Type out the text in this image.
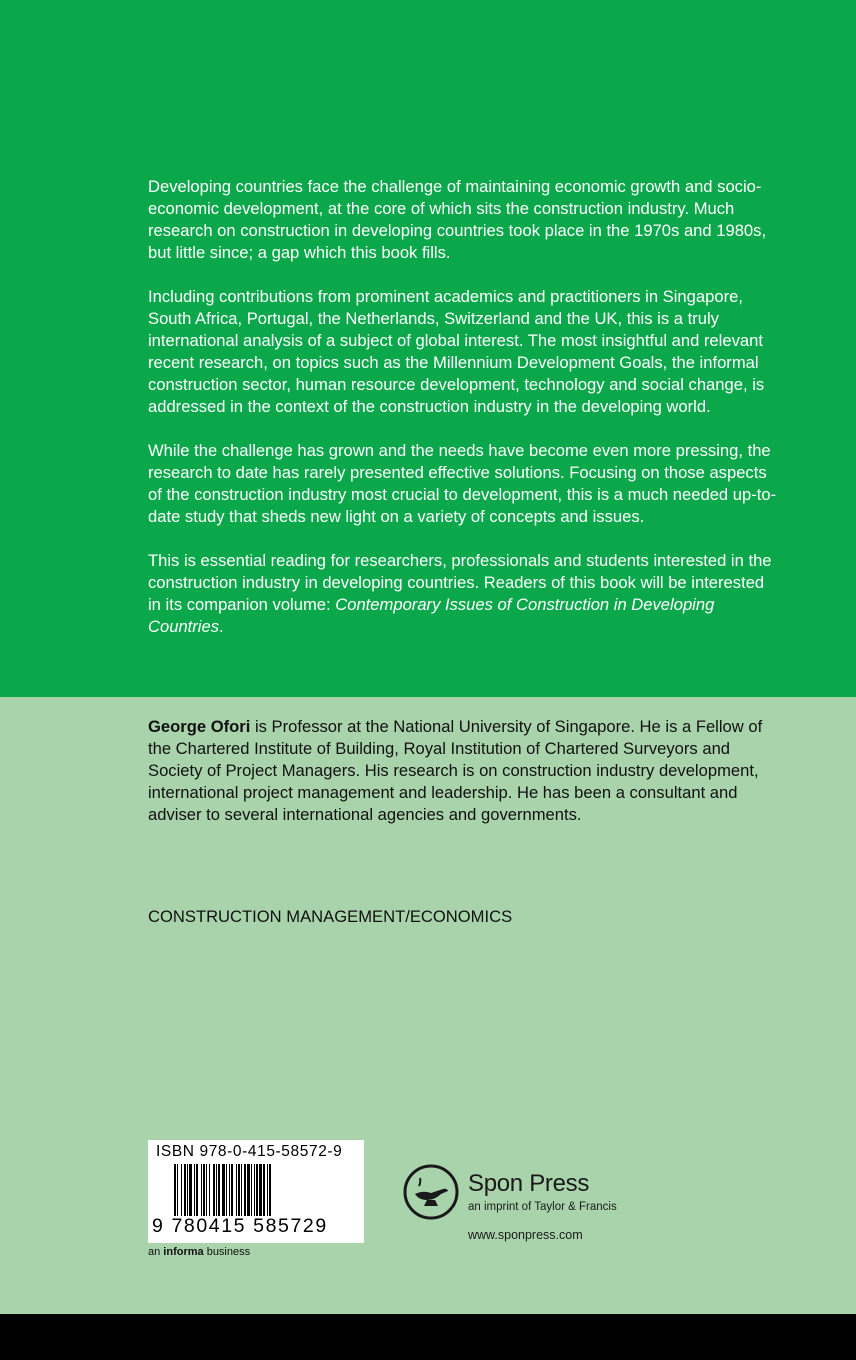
Developing countries face the challenge of maintaining economic growth and socio-economic development, at the core of which sits the construction industry. Much research on construction in developing countries took place in the 1970s and 1980s, but little since; a gap which this book fills.

Including contributions from prominent academics and practitioners in Singapore, South Africa, Portugal, the Netherlands, Switzerland and the UK, this is a truly international analysis of a subject of global interest. The most insightful and relevant recent research, on topics such as the Millennium Development Goals, the informal construction sector, human resource development, technology and social change, is addressed in the context of the construction industry in the developing world.

While the challenge has grown and the needs have become even more pressing, the research to date has rarely presented effective solutions. Focusing on those aspects of the construction industry most crucial to development, this is a much needed up-to-date study that sheds new light on a variety of concepts and issues.

This is essential reading for researchers, professionals and students interested in the construction industry in developing countries. Readers of this book will be interested in its companion volume: Contemporary Issues of Construction in Developing Countries.

George Ofori is Professor at the National University of Singapore. He is a Fellow of the Chartered Institute of Building, Royal Institution of Chartered Surveyors and Society of Project Managers. His research is on construction industry development, international project management and leadership. He has been a consultant and adviser to several international agencies and governments.
CONSTRUCTION MANAGEMENT/ECONOMICS
ISBN 978-0-415-58572-9
9 780415 585729
an informa business
Spon Press
an imprint of Taylor & Francis
www.sponpress.com
